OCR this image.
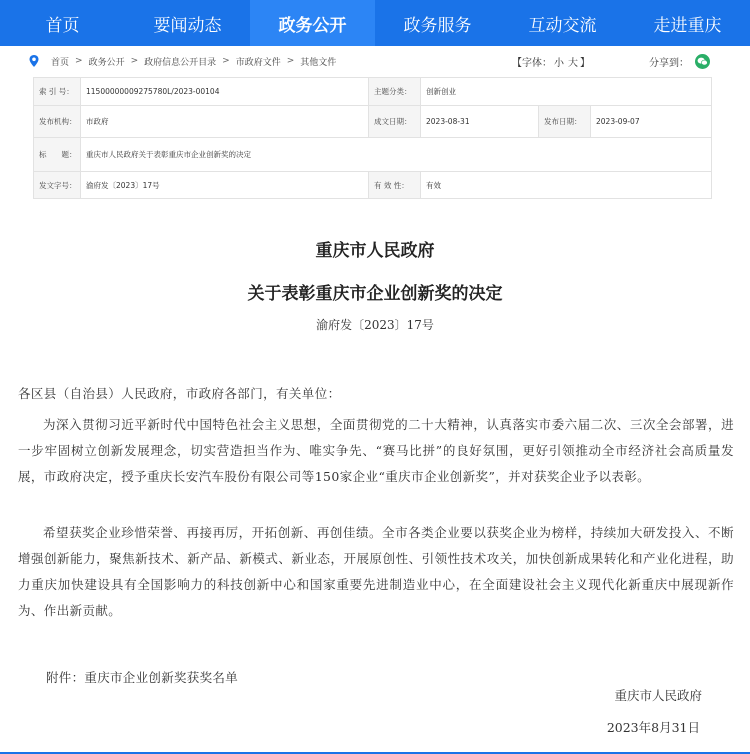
首页	要闻动态	政务公开	政务服务	互动交流	走进重庆
首页 > 政务公开 > 政府信息公开目录 > 市政府文件 > 其他文件	【字体： 小 大 】	分享到：
索 引 号：	11500000009275780L/2023-00104	主题分类：	创新创业		
发布机构：	市政府	成文日期：	2023-08-31	发布日期：	2023-09-07
标　　题：	重庆市人民政府关于表彰重庆市企业创新奖的决定				
发文字号：	渝府发〔2023〕17号	有 效 性：	有效		
重庆市人民政府
关于表彰重庆市企业创新奖的决定
渝府发〔2023〕17号
各区县（自治县）人民政府，市政府各部门，有关单位：
为深入贯彻习近平新时代中国特色社会主义思想，全面贯彻党的二十大精神，认真落实市委六届二次、三次全会部署，进一步牢固树立创新发展理念，切实营造担当作为、唯实争先、“赛马比拼”的良好氛围，更好引领推动全市经济社会高质量发展，市政府决定，授予重庆长安汽车股份有限公司等150家企业“重庆市企业创新奖”，并对获奖企业予以表彰。
希望获奖企业珍惜荣誉、再接再厉，开拓创新、再创佳绩。全市各类企业要以获奖企业为榜样，持续加大研发投入、不断增强创新能力，聚焦新技术、新产品、新模式、新业态，开展原创性、引领性技术攻关，加快创新成果转化和产业化进程，助力重庆加快建设具有全国影响力的科技创新中心和国家重要先进制造业中心，在全面建设社会主义现代化新重庆中展现新作为、作出新贡献。
附件：重庆市企业创新奖获奖名单
重庆市人民政府
2023年8月31日
